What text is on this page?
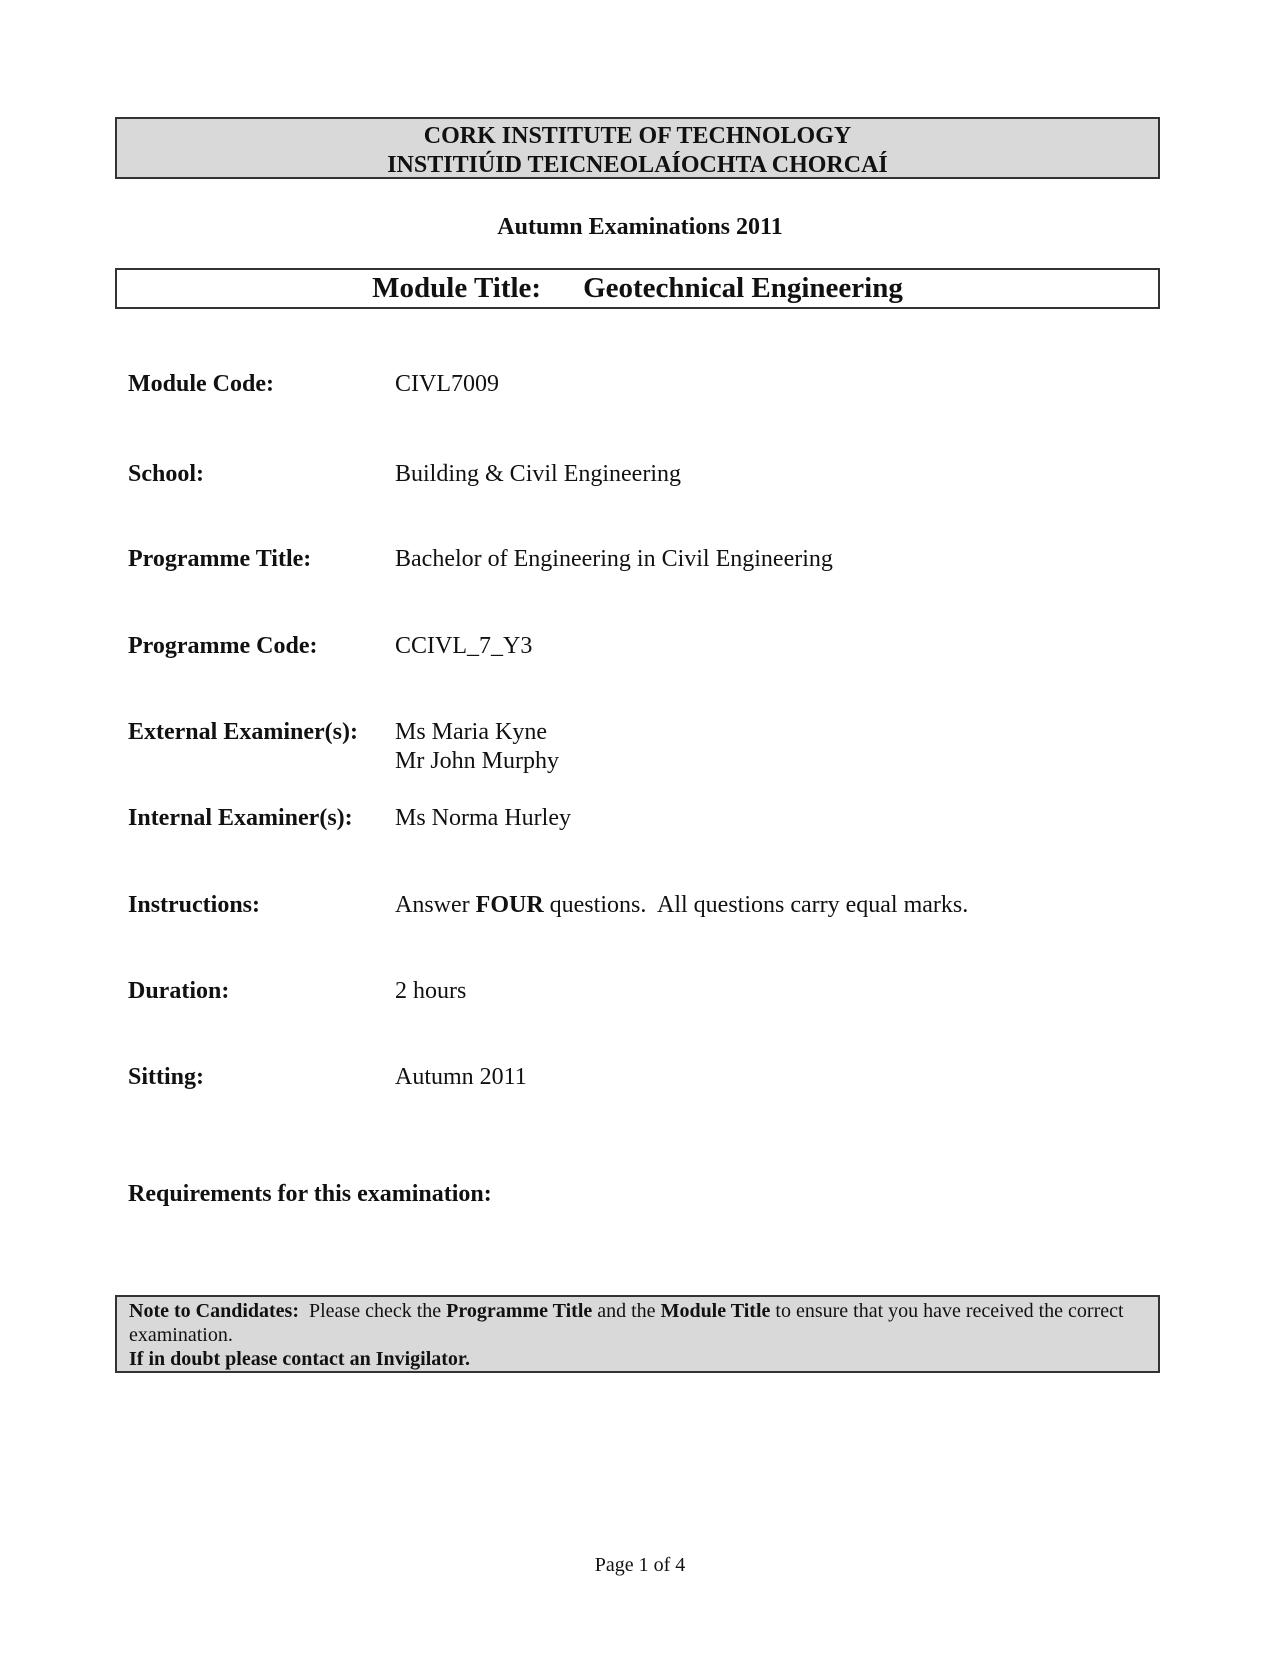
CORK INSTITUTE OF TECHNOLOGY
INSTITIÚID TEICNEOLAÍOCHTA CHORCAÍ
Autumn Examinations 2011
Module Title: Geotechnical Engineering
Module Code:	CIVL7009
School:	Building & Civil Engineering
Programme Title:	Bachelor of Engineering in Civil Engineering
Programme Code:	CCIVL_7_Y3
External Examiner(s): Ms Maria Kyne
Mr John Murphy
Internal Examiner(s): Ms Norma Hurley
Instructions:	Answer FOUR questions.  All questions carry equal marks.
Duration:	2 hours
Sitting:	Autumn 2011
Requirements for this examination:
Note to Candidates: Please check the Programme Title and the Module Title to ensure that you have received the correct examination.
If in doubt please contact an Invigilator.
Page 1 of 4
